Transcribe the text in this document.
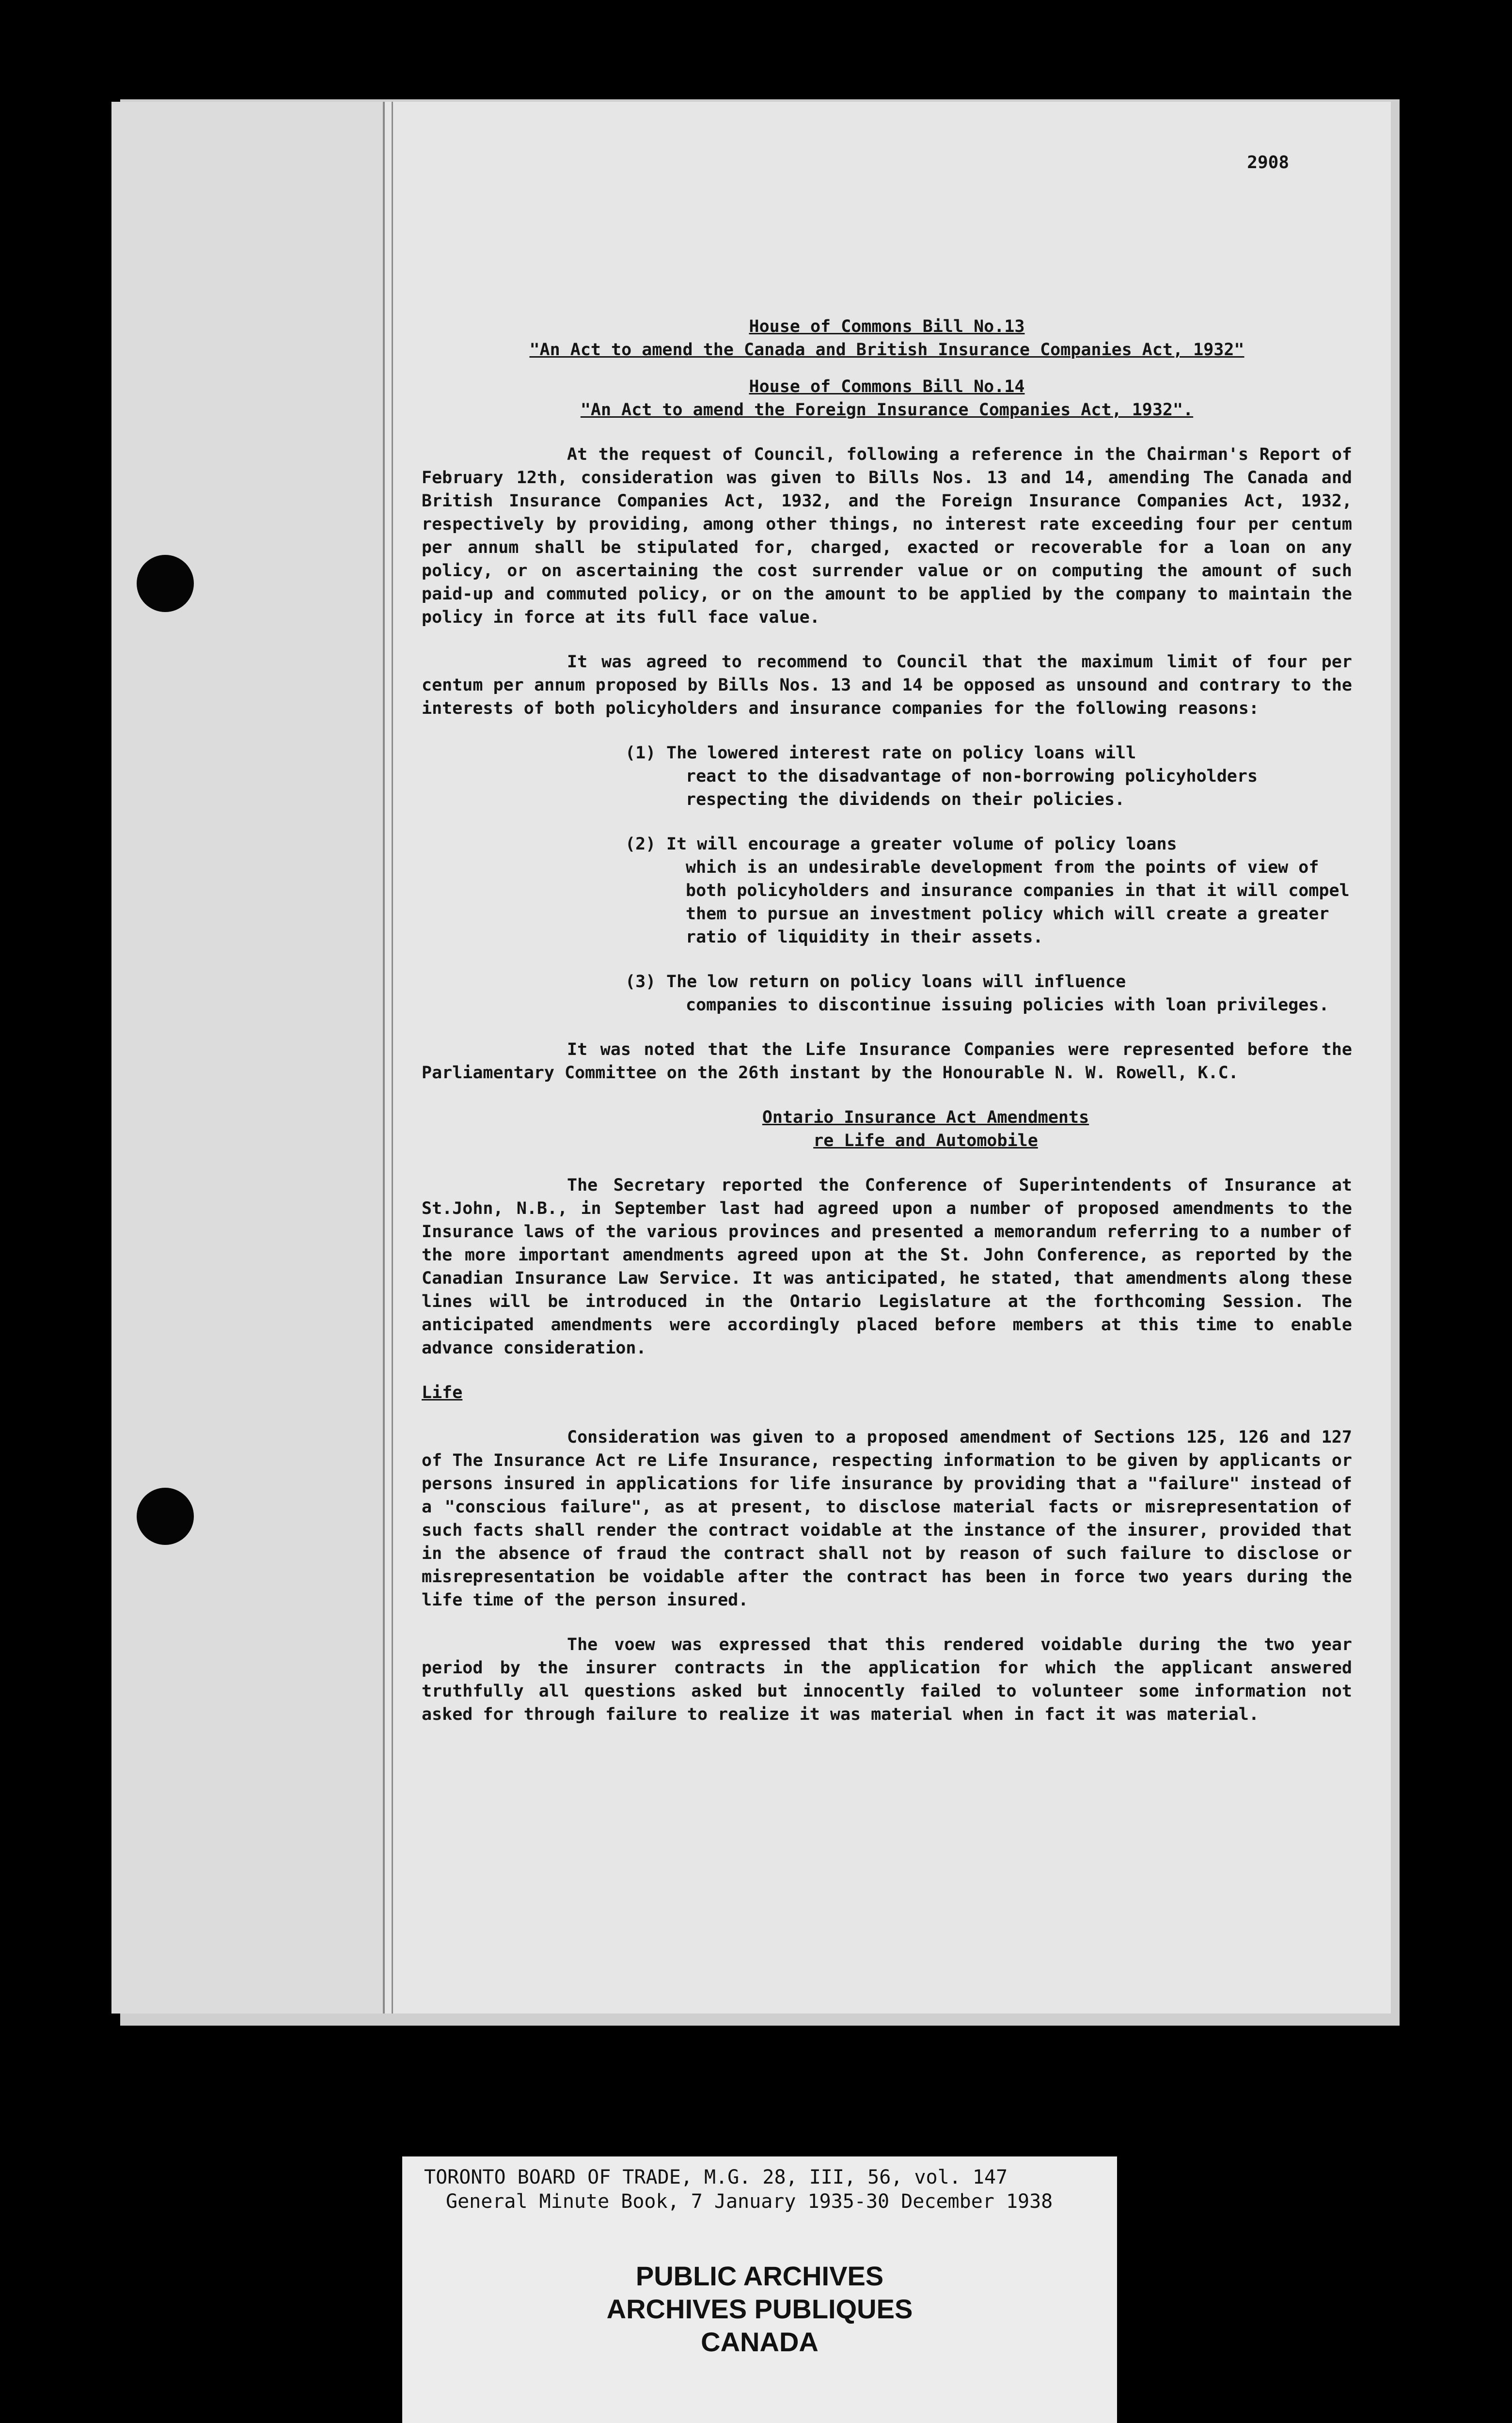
2908
House of Commons Bill No.13
"An Act to amend the Canada and British Insurance Companies Act, 1932"
House of Commons Bill No.14
"An Act to amend the Foreign Insurance Companies Act, 1932".

At the request of Council, following a reference in the Chairman's Report of February 12th, consideration was given to Bills Nos. 13 and 14, amending The Canada and British Insurance Companies Act, 1932, and the Foreign Insurance Companies Act, 1932, respectively by providing, among other things, no interest rate exceeding four per centum per annum shall be stipulated for, charged, exacted or recoverable for a loan on any policy, or on ascertaining the cost surrender value or on computing the amount of such paid-up and commuted policy, or on the amount to be applied by the company to maintain the policy in force at its full face value.

It was agreed to recommend to Council that the maximum limit of four per centum per annum proposed by Bills Nos. 13 and 14 be opposed as unsound and contrary to the interests of both policyholders and insurance companies for the following reasons:

(1) The lowered interest rate on policy loans will
react to the disadvantage of non-borrowing policyholders respecting the dividends on their policies.
(2) It will encourage a greater volume of policy loans
which is an undesirable development from the points of view of both policyholders and insurance companies in that it will compel them to pursue an investment policy which will create a greater ratio of liquidity in their assets.
(3) The low return on policy loans will influence
companies to discontinue issuing policies with loan privileges.

It was noted that the Life Insurance Companies were represented before the Parliamentary Committee on the 26th instant by the Honourable N. W. Rowell, K.C.

Ontario Insurance Act Amendments
re Life and Automobile

The Secretary reported the Conference of Superintendents of Insurance at St.John, N.B., in September last had agreed upon a number of proposed amendments to the Insurance laws of the various provinces and presented a memorandum referring to a number of the more important amendments agreed upon at the St. John Conference, as reported by the Canadian Insurance Law Service. It was anticipated, he stated, that amendments along these lines will be introduced in the Ontario Legislature at the forthcoming Session. The anticipated amendments were accordingly placed before members at this time to enable advance consideration.

Life

Consideration was given to a proposed amendment of Sections 125, 126 and 127 of The Insurance Act re Life Insurance, respecting information to be given by applicants or persons insured in applications for life insurance by providing that a "failure" instead of a "conscious failure", as at present, to disclose material facts or misrepresentation of such facts shall render the contract voidable at the instance of the insurer, provided that in the absence of fraud the contract shall not by reason of such failure to disclose or misrepresentation be voidable after the contract has been in force two years during the life time of the person insured.

The voew was expressed that this rendered voidable during the two year period by the insurer contracts in the application for which the applicant answered truthfully all questions asked but innocently failed to volunteer some information not asked for through failure to realize it was material when in fact it was material.

TORONTO BOARD OF TRADE, M.G. 28, III, 56, vol. 147
General Minute Book, 7 January 1935-30 December 1938
PUBLIC ARCHIVES
ARCHIVES PUBLIQUES
CANADA
